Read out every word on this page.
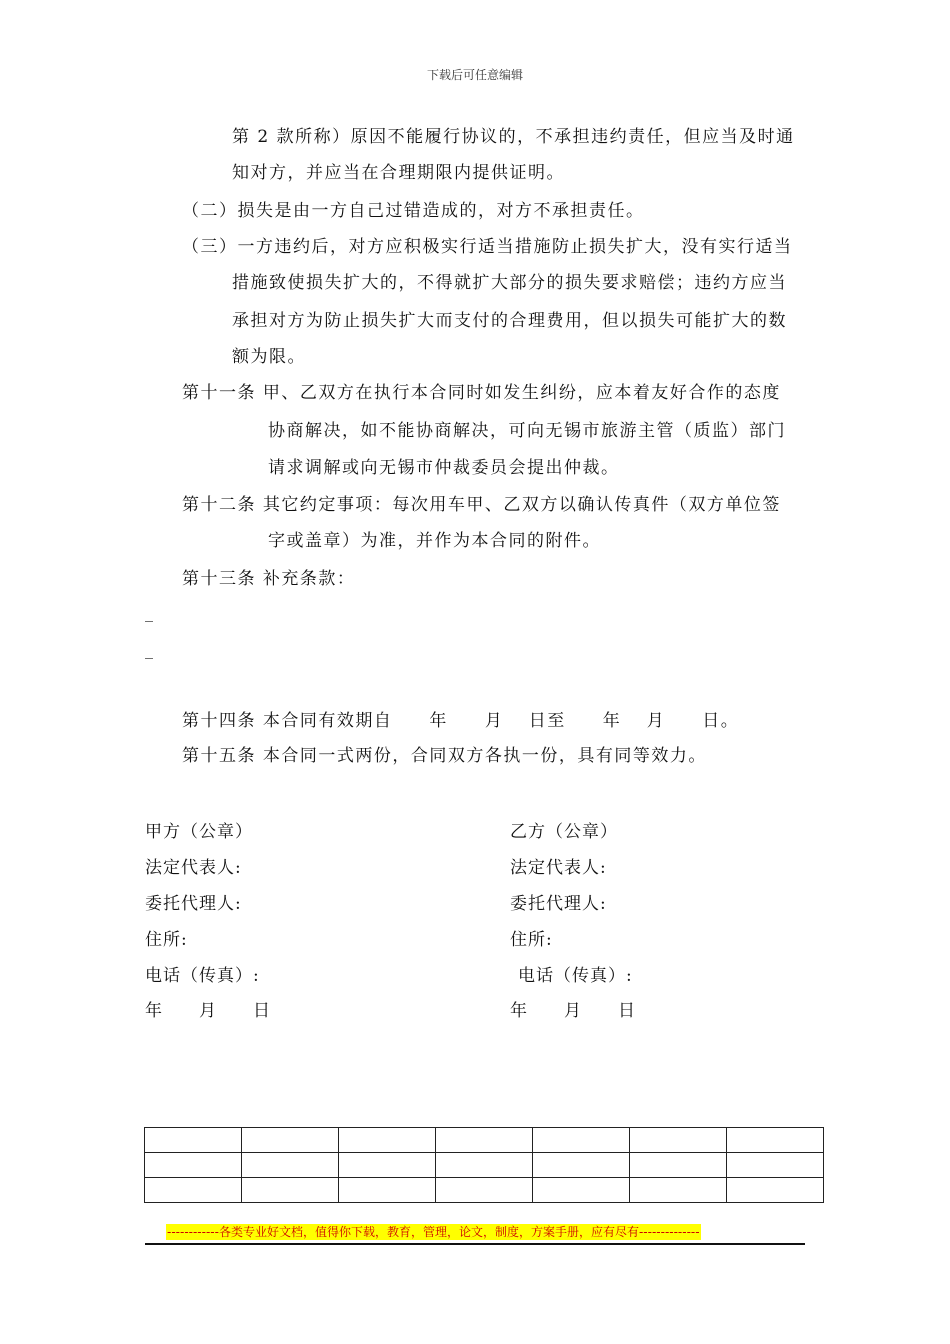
下载后可任意编辑
第 2 款所称）原因不能履行协议的，不承担违约责任，但应当及时通
知对方，并应当在合理期限内提供证明。
（二）损失是由一方自己过错造成的，对方不承担责任。
（三）一方违约后，对方应积极实行适当措施防止损失扩大，没有实行适当
措施致使损失扩大的，不得就扩大部分的损失要求赔偿；违约方应当
承担对方为防止损失扩大而支付的合理费用，但以损失可能扩大的数
额为限。
第十一条 甲、乙双方在执行本合同时如发生纠纷，应本着友好合作的态度
协商解决，如不能协商解决，可向无锡市旅游主管（质监）部门
请求调解或向无锡市仲裁委员会提出仲裁。
第十二条 其它约定事项：每次用车甲、乙双方以确认传真件（双方单位签
字或盖章）为准，并作为本合同的附件。
第十三条 补充条款：
_
_
第十四条 本合同有效期自　　年　　月　 日至　　年　 月　　日。
第十五条 本合同一式两份，合同双方各执一份，具有同等效力。
甲方（公章）
法定代表人:
委托代理人:
住所:
电话（传真）:
年　　月　　日
乙方（公章）
法定代表人:
委托代理人:
住所:
电话（传真）:
年　　月　　日

------------各类专业好文档，值得你下载，教育，管理，论文，制度，方案手册，应有尽有--------------
